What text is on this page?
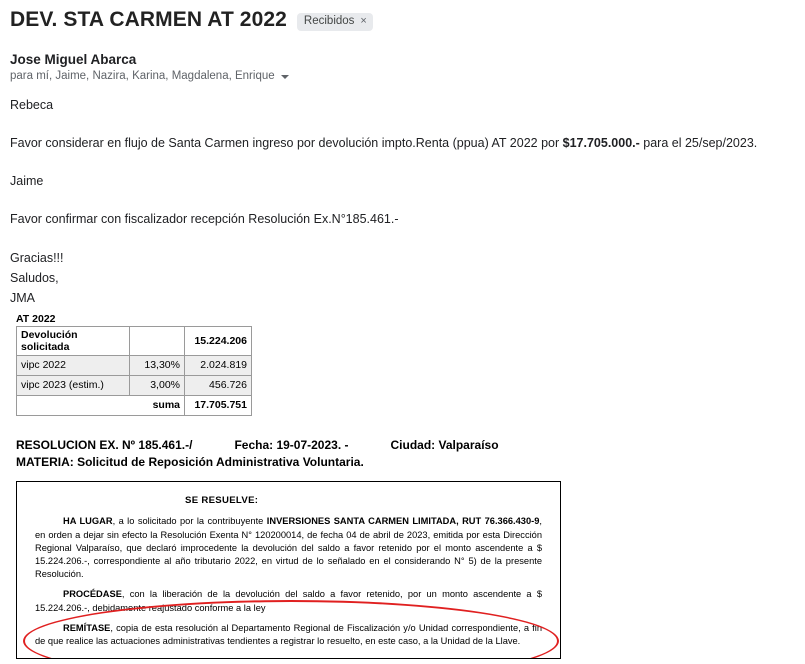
DEV. STA CARMEN AT 2022 Recibidos ×
Jose Miguel Abarca
para mí, Jaime, Nazira, Karina, Magdalena, Enrique

Rebeca

Favor considerar en flujo de Santa Carmen ingreso por devolución impto.Renta (ppua) AT 2022 por $17.705.000.- para el 25/sep/2023.

Jaime

Favor confirmar con fiscalizador recepción Resolución Ex.N°185.461.-

Gracias!!!

Saludos,

JMA

AT 2022
Devolución solicitada		15.224.206
vipc 2022	13,30%	2.024.819
vipc 2023 (estim.)	3,00%	456.726
suma		17.705.751
RESOLUCION EX. Nº 185.461.-/	Fecha: 19-07-2023. -	Ciudad: Valparaíso
MATERIA: Solicitud de Reposición Administrativa Voluntaria.
SE RESUELVE:

HA LUGAR, a lo solicitado por la contribuyente INVERSIONES SANTA CARMEN LIMITADA, RUT 76.366.430-9, en orden a dejar sin efecto la Resolución Exenta N° 120200014, de fecha 04 de abril de 2023, emitida por esta Dirección Regional Valparaíso, que declaró improcedente la devolución del saldo a favor retenido por el monto ascendente a $ 15.224.206.-, correspondiente al año tributario 2022, en virtud de lo señalado en el considerando N° 5) de la presente Resolución.

PROCÉDASE, con la liberación de la devolución del saldo a favor retenido, por un monto ascendente a $ 15.224.206.-, debidamente reajustado conforme a la ley

REMÍTASE, copia de esta resolución al Departamento Regional de Fiscalización y/o Unidad correspondiente, a fin de que realice las actuaciones administrativas tendientes a registrar lo resuelto, en este caso, a la Unidad de la Llave.
